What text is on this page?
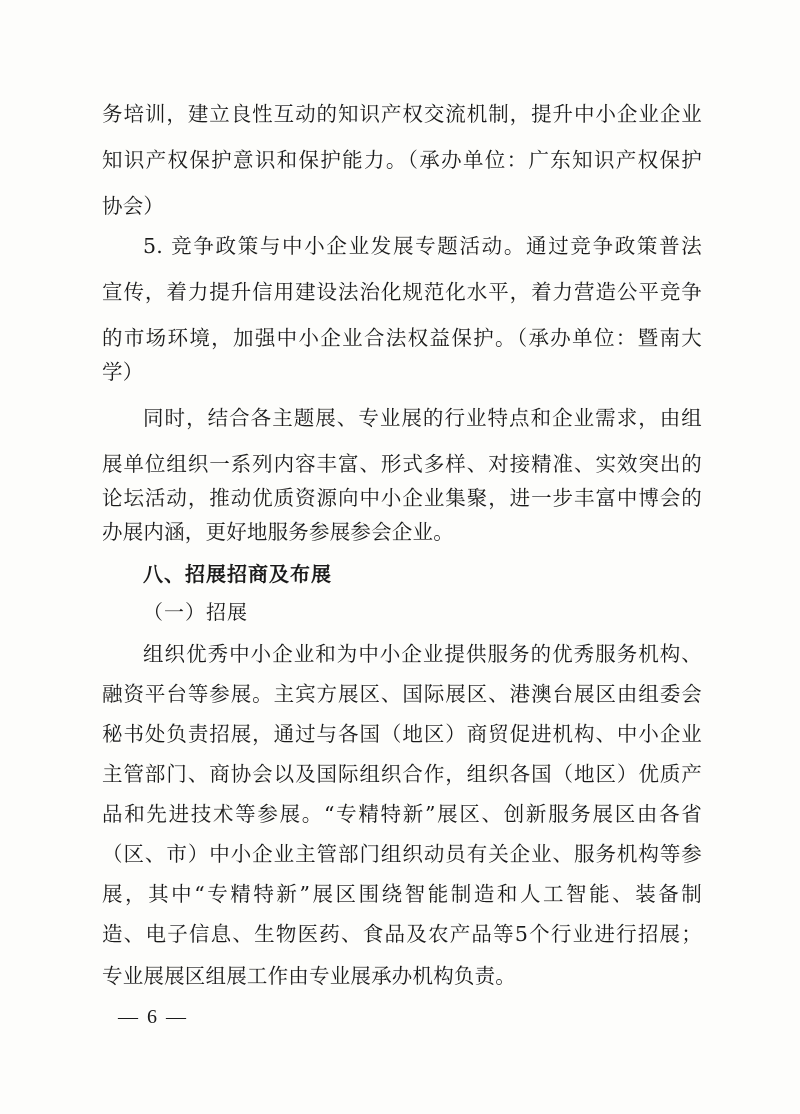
务培训，建立良性互动的知识产权交流机制，提升中小企业企业
知识产权保护意识和保护能力。（承办单位：广东知识产权保护
协会）
5. 竞争政策与中小企业发展专题活动。通过竞争政策普法
宣传，着力提升信用建设法治化规范化水平，着力营造公平竞争
的市场环境，加强中小企业合法权益保护。（承办单位：暨南大
学）
同时，结合各主题展、专业展的行业特点和企业需求，由组
展单位组织一系列内容丰富、形式多样、对接精准、实效突出的
论坛活动，推动优质资源向中小企业集聚，进一步丰富中博会的
办展内涵，更好地服务参展参会企业。
八、招展招商及布展
（一）招展
组织优秀中小企业和为中小企业提供服务的优秀服务机构、
融资平台等参展。主宾方展区、国际展区、港澳台展区由组委会
秘书处负责招展，通过与各国（地区）商贸促进机构、中小企业
主管部门、商协会以及国际组织合作，组织各国（地区）优质产
品和先进技术等参展。“专精特新”展区、创新服务展区由各省
（区、市）中小企业主管部门组织动员有关企业、服务机构等参
展，其中“专精特新”展区围绕智能制造和人工智能、装备制
造、电子信息、生物医药、食品及农产品等5个行业进行招展；
专业展展区组展工作由专业展承办机构负责。
— 6 —
